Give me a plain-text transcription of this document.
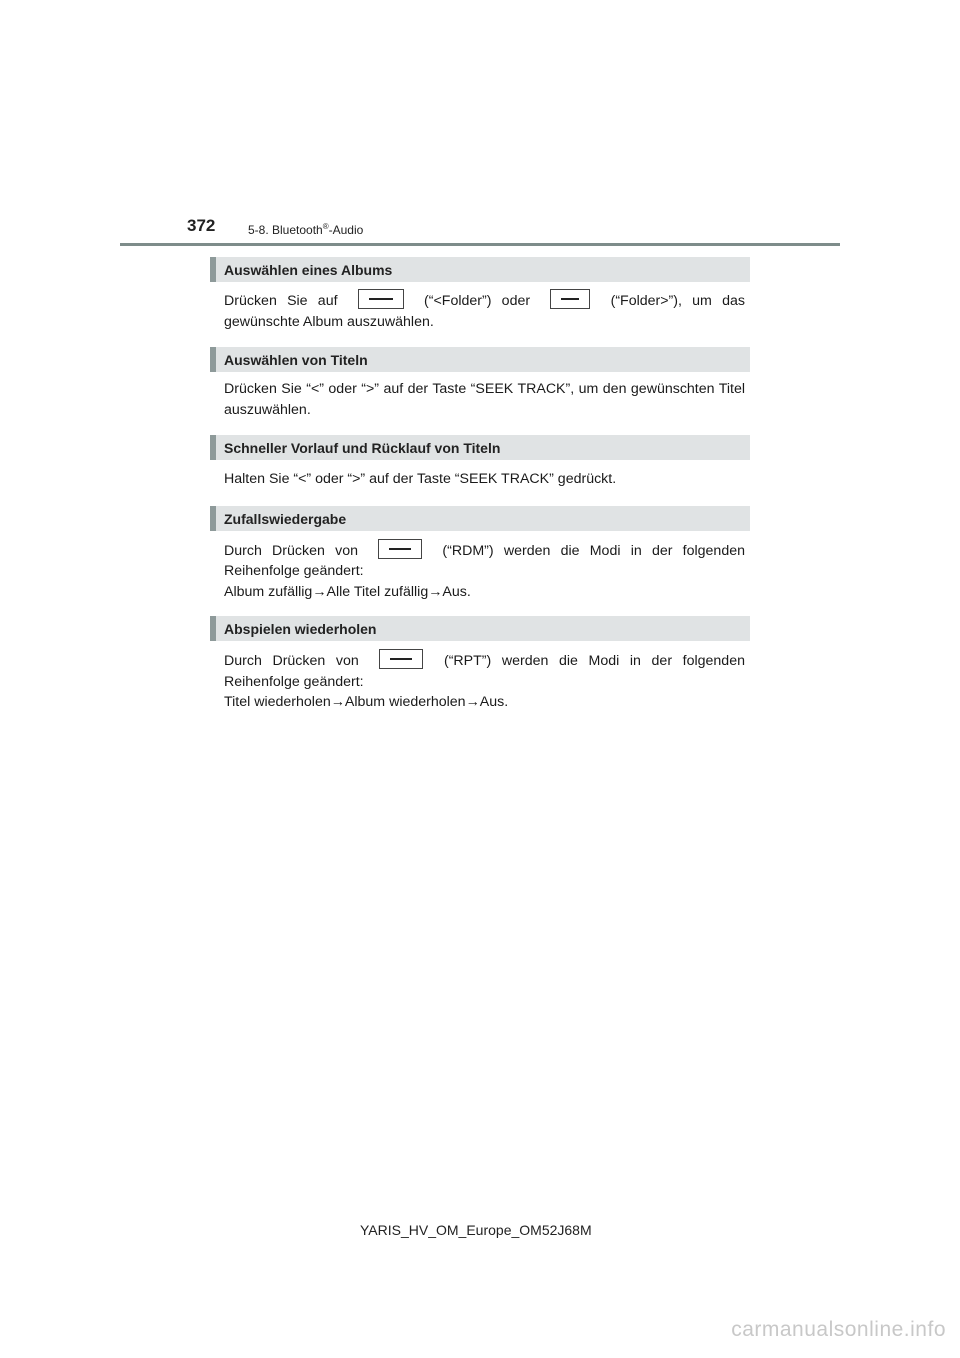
372	5-8. Bluetooth®-Audio
Auswählen eines Albums

Drücken Sie auf	(“<Folder”) oder	(“Folder>”), um das gewünschte Album auszuwählen.

Auswählen von Titeln

Drücken Sie “<” oder “>” auf der Taste “SEEK TRACK”, um den gewünschten Titel auszuwählen.

Schneller Vorlauf und Rücklauf von Titeln

Halten Sie “<” oder “>” auf der Taste “SEEK TRACK” gedrückt.

Zufallswiedergabe

Durch Drücken von	(“RDM”) werden die Modi in der folgenden Reihenfolge geändert:
Album zufällig→Alle Titel zufällig→Aus.

Abspielen wiederholen

Durch Drücken von	(“RPT”) werden die Modi in der folgenden Reihenfolge geändert:
Titel wiederholen→Album wiederholen→Aus.

YARIS_HV_OM_Europe_OM52J68M
carmanualsonline.info
